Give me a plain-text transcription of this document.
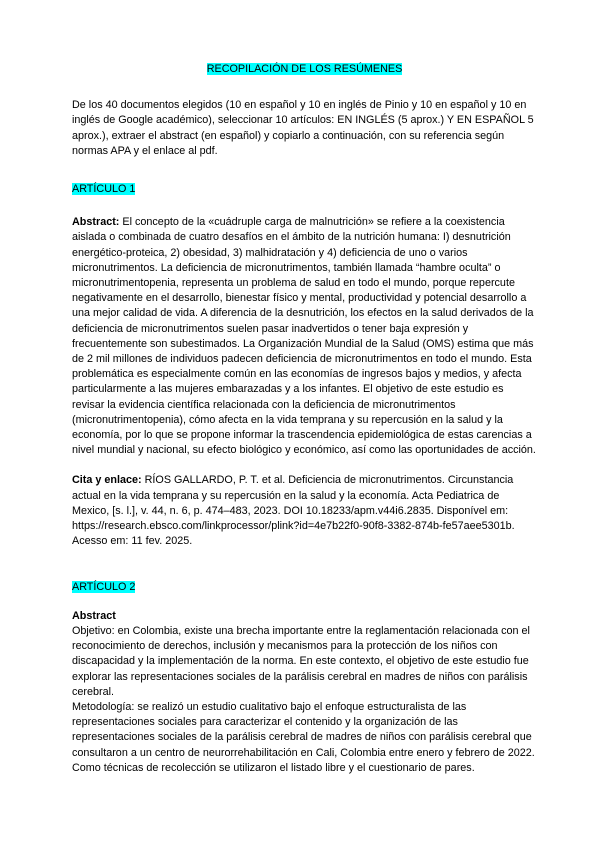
RECOPILACIÓN DE LOS RESÚMENES

De los 40 documentos elegidos (10 en español y 10 en inglés de Pinio y 10 en español y 10 en inglés de Google académico), seleccionar 10 artículos: EN INGLÉS (5 aprox.) Y EN ESPAÑOL 5 aprox.), extraer el abstract (en español) y copiarlo a continuación, con su referencia según normas APA y el enlace al pdf.

ARTÍCULO 1

Abstract: El concepto de la «cuádruple carga de malnutrición» se refiere a la coexistencia aislada o combinada de cuatro desafíos en el ámbito de la nutrición humana: I) desnutrición energético-proteica, 2) obesidad, 3) malhidratación y 4) deficiencia de uno o varios micronutrimentos. La deficiencia de micronutrimentos, también llamada “hambre oculta” o micronutrimentopenia, representa un problema de salud en todo el mundo, porque repercute negativamente en el desarrollo, bienestar físico y mental, productividad y potencial desarrollo a una mejor calidad de vida. A diferencia de la desnutrición, los efectos en la salud derivados de la deficiencia de micronutrimentos suelen pasar inadvertidos o tener baja expresión y frecuentemente son subestimados. La Organización Mundial de la Salud (OMS) estima que más de 2 mil millones de individuos padecen deficiencia de micronutrimentos en todo el mundo. Esta problemática es especialmente común en las economías de ingresos bajos y medios, y afecta particularmente a las mujeres embarazadas y a los infantes. El objetivo de este estudio es revisar la evidencia científica relacionada con la deficiencia de micronutrimentos (micronutrimentopenia), cómo afecta en la vida temprana y su repercusión en la salud y la economía, por lo que se propone informar la trascendencia epidemiológica de estas carencias a nivel mundial y nacional, su efecto biológico y económico, así como las oportunidades de acción.

Cita y enlace: RÍOS GALLARDO, P. T. et al. Deficiencia de micronutrimentos. Circunstancia actual en la vida temprana y su repercusión en la salud y la economía. Acta Pediatrica de Mexico, [s. l.], v. 44, n. 6, p. 474–483, 2023. DOI 10.18233/apm.v44i6.2835. Disponível em: https://research.ebsco.com/linkprocessor/plink?id=4e7b22f0-90f8-3382-874b-fe57aee5301b. Acesso em: 11 fev. 2025.

ARTÍCULO 2

Abstract

Objetivo: en Colombia, existe una brecha importante entre la reglamentación relacionada con el reconocimiento de derechos, inclusión y mecanismos para la protección de los niños con discapacidad y la implementación de la norma. En este contexto, el objetivo de este estudio fue explorar las representaciones sociales de la parálisis cerebral en madres de niños con parálisis cerebral.

Metodología: se realizó un estudio cualitativo bajo el enfoque estructuralista de las representaciones sociales para caracterizar el contenido y la organización de las representaciones sociales de la parálisis cerebral de madres de niños con parálisis cerebral que consultaron a un centro de neurorrehabilitación en Cali, Colombia entre enero y febrero de 2022. Como técnicas de recolección se utilizaron el listado libre y el cuestionario de pares.
